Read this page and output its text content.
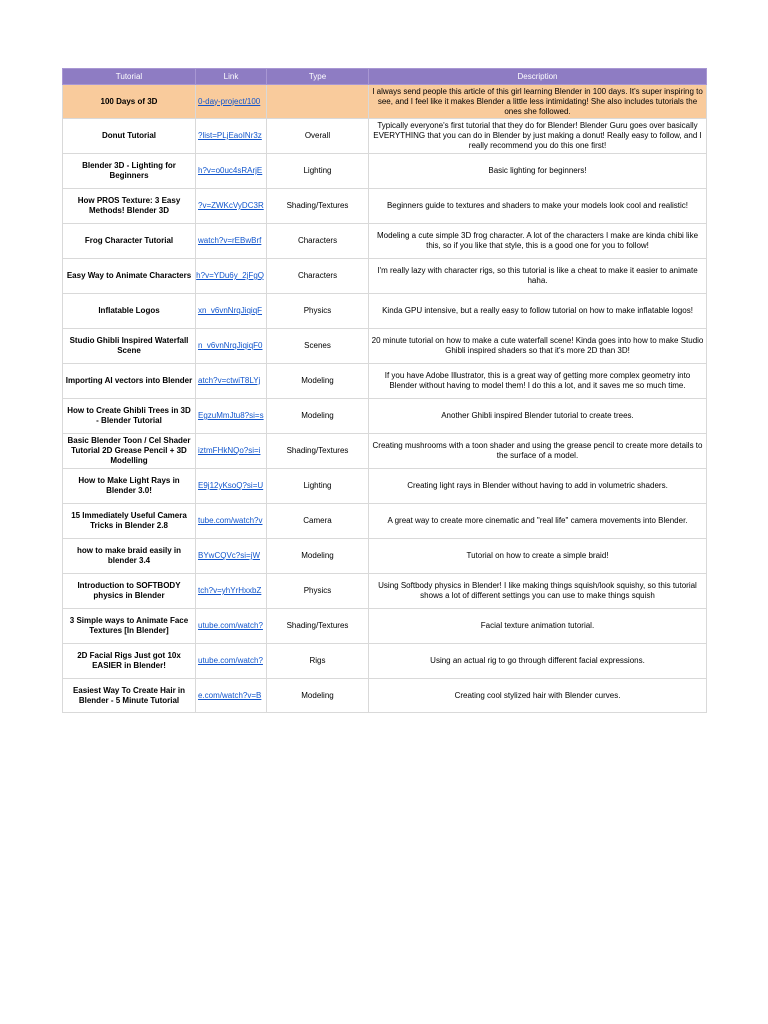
Tutorial	Link	Type	Description
100 Days of 3D	0-day-project/100		I always send people this article of this girl learning Blender in 100 days. It's super inspiring to see, and I feel like it makes Blender a little less intimidating! She also includes tutorials the ones she followed.
Donut Tutorial	?list=PLjEaoINr3z	Overall	Typically everyone's first tutorial that they do for Blender! Blender Guru goes over basically EVERYTHING that you can do in Blender by just making a donut! Really easy to follow, and I really recommend you do this one first!
Blender 3D - Lighting for Beginners	h?v=o0uc4sRArjE	Lighting	Basic lighting for beginners!
How PROS Texture: 3 Easy Methods! Blender 3D	?v=ZWKcVyDC3R	Shading/Textures	Beginners guide to textures and shaders to make your models look cool and realistic!
Frog Character Tutorial	watch?v=rEBwBrf	Characters	Modeling a cute simple 3D frog character. A lot of the characters I make are kinda chibi like this, so if you like that style, this is a good one for you to follow!
Easy Way to Animate Characters	h?v=YDu6y_2jFgQ	Characters	I'm really lazy with character rigs, so this tutorial is like a cheat to make it easier to animate haha.
Inflatable Logos	xn_v6vnNrqJiqiqF	Physics	Kinda GPU intensive, but a really easy to follow tutorial on how to make inflatable logos!
Studio Ghibli Inspired Waterfall Scene	n_v6vnNrqJiqiqF0	Scenes	20 minute tutorial on how to make a cute waterfall scene! Kinda goes into how to make Studio Ghibli inspired shaders so that it's more 2D than 3D!
Importing AI vectors into Blender	atch?v=ctwiT8LYj	Modeling	If you have Adobe Illustrator, this is a great way of getting more complex geometry into Blender without having to model them! I do this a lot, and it saves me so much time.
How to Create Ghibli Trees in 3D - Blender Tutorial	EgzuMmJtu8?si=s	Modeling	Another Ghibli inspired Blender tutorial to create trees.
Basic Blender Toon / Cel Shader Tutorial 2D Grease Pencil + 3D Modelling	iztmFHkNQo?si=i	Shading/Textures	Creating mushrooms with a toon shader and using the grease pencil to create more details to the surface of a model.
How to Make Light Rays in Blender 3.0!	E9j12yKsoQ?si=U	Lighting	Creating light rays in Blender without having to add in volumetric shaders.
15 Immediately Useful Camera Tricks in Blender 2.8	tube.com/watch?v	Camera	A great way to create more cinematic and "real life" camera movements into Blender.
how to make braid easily in blender 3.4	BYwCQVc?si=jW	Modeling	Tutorial on how to create a simple braid!
Introduction to SOFTBODY physics in Blender	tch?v=yhYrHxxbZ	Physics	Using Softbody physics in Blender! I like making things squish/look squishy, so this tutorial shows a lot of different settings you can use to make things squish
3 Simple ways to Animate Face Textures [In Blender]	utube.com/watch?	Shading/Textures	Facial texture animation tutorial.
2D Facial Rigs Just got 10x EASIER in Blender!	utube.com/watch?	Rigs	Using an actual rig to go through different facial expressions.
Easiest Way To Create Hair in Blender - 5 Minute Tutorial	e.com/watch?v=B	Modeling	Creating cool stylized hair with Blender curves.
